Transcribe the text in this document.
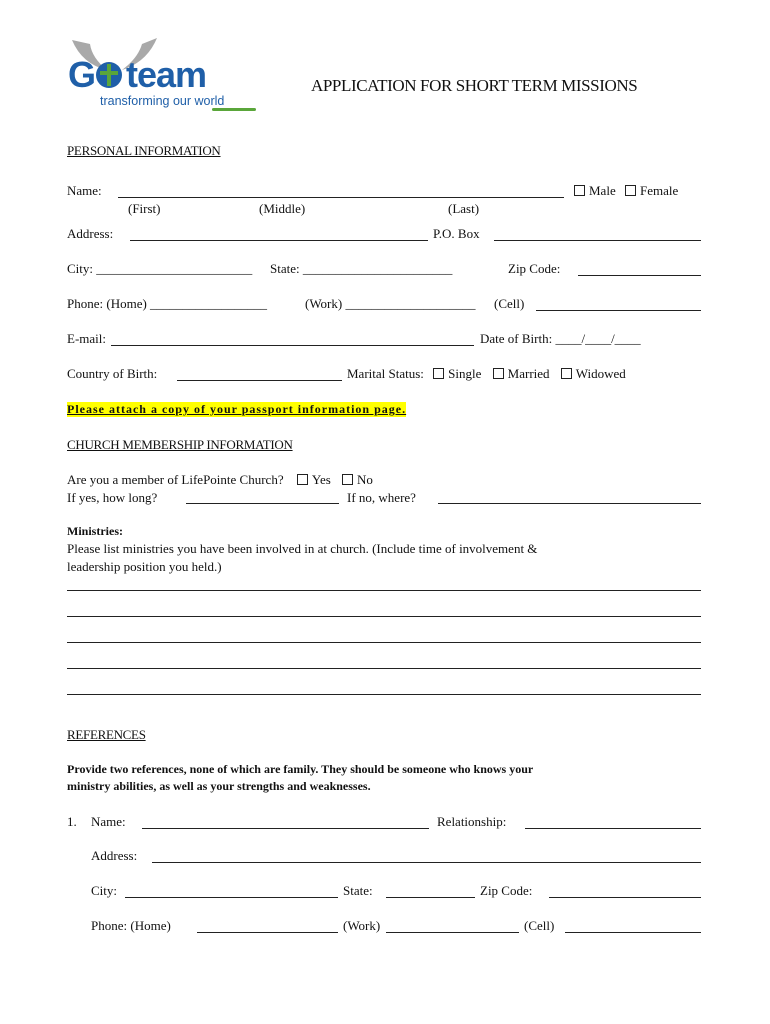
G team
transforming our world
APPLICATION FOR SHORT TERM MISSIONS
PERSONAL INFORMATION
Name:	Male Female
(First)	(Middle)	(Last)
Address:	P.O. Box
City: ________________________ State: _______________________	Zip Code:
Phone: (Home) __________________	(Work) ____________________ (Cell)
E-mail:	Date of Birth: ____/____/____
Country of Birth:	Marital Status: Single Married Widowed
Please attach a copy of your passport information page.
CHURCH MEMBERSHIP INFORMATION
Are you a member of LifePointe Church? Yes No
If yes, how long?	If no, where?
Ministries:
Please list ministries you have been involved in at church. (Include time of involvement &
leadership position you held.)
REFERENCES
Provide two references, none of which are family. They should be someone who knows your
ministry abilities, as well as your strengths and weaknesses.
1. Name:	Relationship:
Address:
City:	State:	Zip Code:
Phone: (Home)	(Work)	(Cell)
